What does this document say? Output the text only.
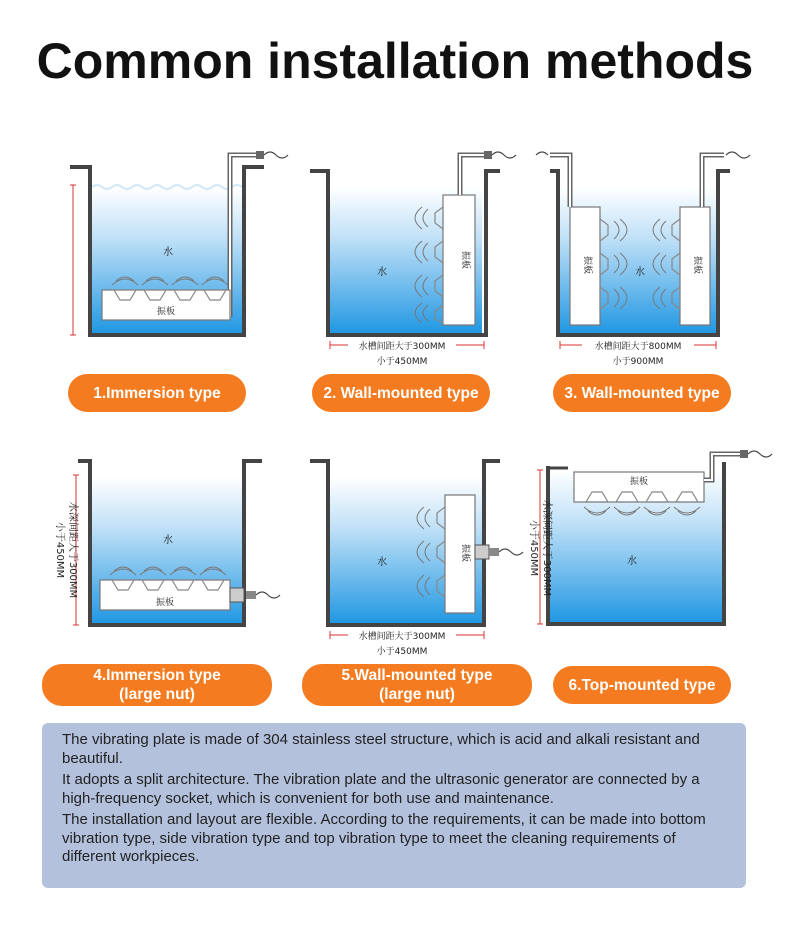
Common installation methods
水
振板
水
振板
水槽间距大于300MM
小于450MM
水
振板	振板
水槽间距大于800MM
小于900MM
水
振板
水深间距大于300MM
小于450MM	水
振板
水槽间距大于300MM
小于450MM
水
振板
水深间距大于300MM
小于450MM
1.Immersion type	2. Wall-mounted type	3. Wall-mounted type
4.Immersion type
(large nut)
5.Wall-mounted type
(large nut)
6.Top-mounted type

The vibrating plate is made of 304 stainless steel structure, which is acid and alkali resistant and beautiful.

It adopts a split architecture. The vibration plate and the ultrasonic generator are connected by a high-frequency socket, which is convenient for both use and maintenance.

The installation and layout are flexible. According to the requirements, it can be made into bottom vibration type, side vibration type and top vibration type to meet the cleaning requirements of different workpieces.
